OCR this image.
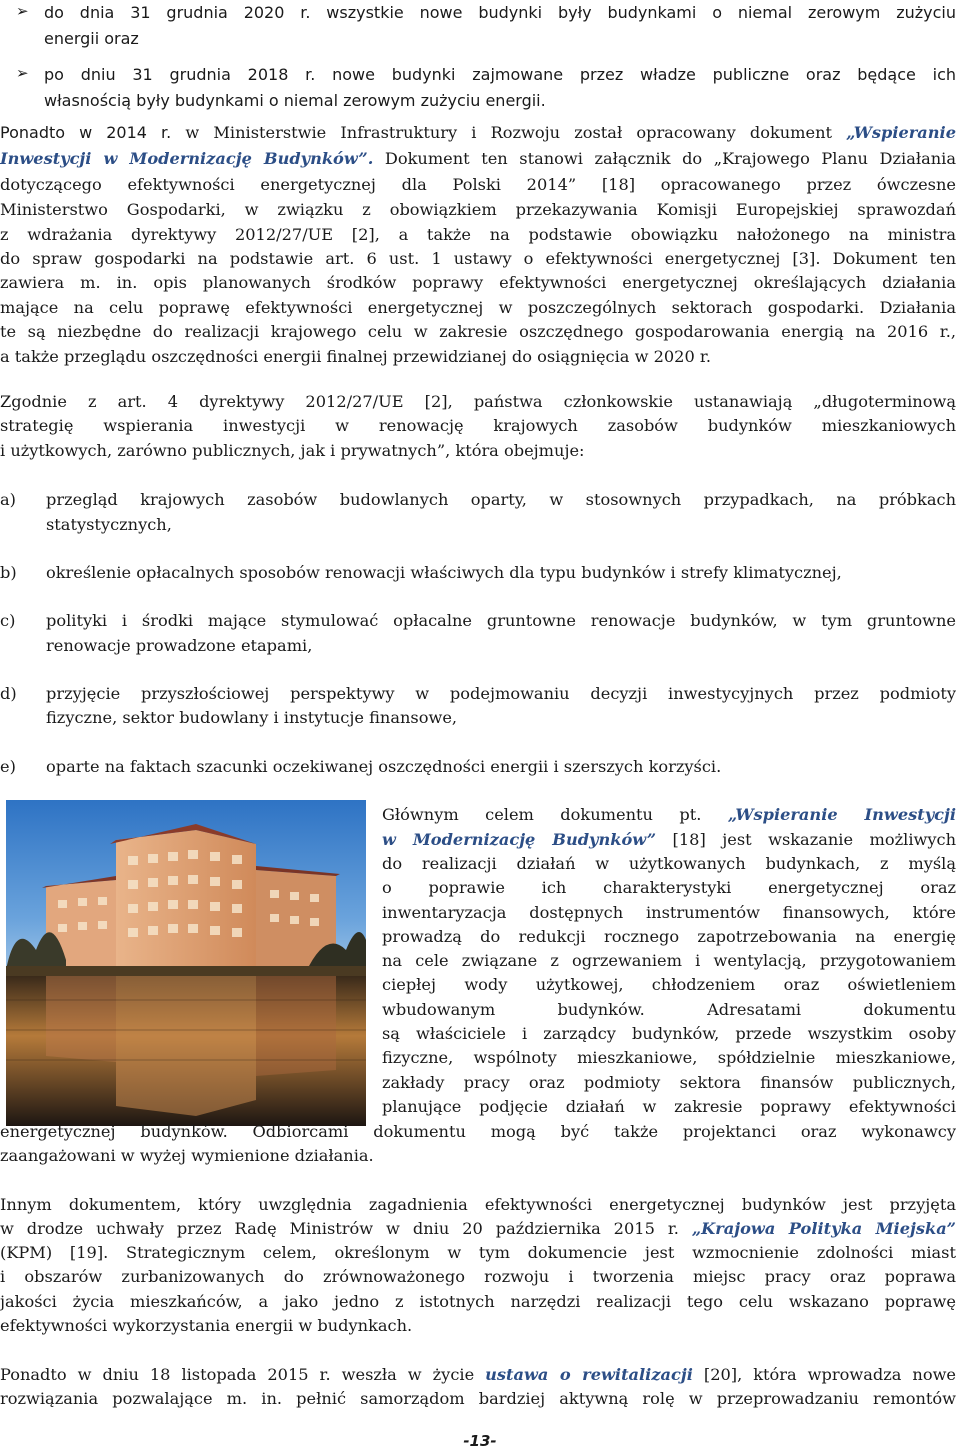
➢ do dnia 31 grudnia 2020 r. wszystkie nowe budynki były budynkami o niemal zerowym zużyciu
energii oraz
➢ po dniu 31 grudnia 2018 r. nowe budynki zajmowane przez władze publiczne oraz będące ich
własnością były budynkami o niemal zerowym zużyciu energii.
Ponadto w 2014 r. w Ministerstwie Infrastruktury i Rozwoju został opracowany dokument „Wspieranie
Inwestycji w Modernizację Budynków”. Dokument ten stanowi załącznik do „Krajowego Planu Działania
dotyczącego efektywności energetycznej dla Polski 2014” [18] opracowanego przez ówczesne
Ministerstwo Gospodarki, w związku z obowiązkiem przekazywania Komisji Europejskiej sprawozdań
z wdrażania dyrektywy 2012/27/UE [2], a także na podstawie obowiązku nałożonego na ministra
do spraw gospodarki na podstawie art. 6 ust. 1 ustawy o efektywności energetycznej [3]. Dokument ten
zawiera m. in. opis planowanych środków poprawy efektywności energetycznej określających działania
mające na celu poprawę efektywności energetycznej w poszczególnych sektorach gospodarki. Działania
te są niezbędne do realizacji krajowego celu w zakresie oszczędnego gospodarowania energią na 2016 r.,
a także przeglądu oszczędności energii finalnej przewidzianej do osiągnięcia w 2020 r.
Zgodnie z art. 4 dyrektywy 2012/27/UE [2], państwa członkowskie ustanawiają „długoterminową
strategię wspierania inwestycji w renowację krajowych zasobów budynków mieszkaniowych
i użytkowych, zarówno publicznych, jak i prywatnych”, która obejmuje:
a)	przegląd krajowych zasobów budowlanych oparty, w stosownych przypadkach, na próbkach
statystycznych,
b)	określenie opłacalnych sposobów renowacji właściwych dla typu budynków i strefy klimatycznej,
c)	polityki i środki mające stymulować opłacalne gruntowne renowacje budynków, w tym gruntowne
renowacje prowadzone etapami,
d)	przyjęcie przyszłościowej perspektywy w podejmowaniu decyzji inwestycyjnych przez podmioty
fizyczne, sektor budowlany i instytucje finansowe,
e)	oparte na faktach szacunki oczekiwanej oszczędności energii i szerszych korzyści.
Głównym celem dokumentu pt. „Wspieranie Inwestycji
w Modernizację Budynków” [18] jest wskazanie możliwych
do realizacji działań w użytkowanych budynkach, z myślą
o poprawie ich charakterystyki energetycznej oraz
inwentaryzacja dostępnych instrumentów finansowych, które
prowadzą do redukcji rocznego zapotrzebowania na energię
na cele związane z ogrzewaniem i wentylacją, przygotowaniem
ciepłej wody użytkowej, chłodzeniem oraz oświetleniem
wbudowanym budynków. Adresatami dokumentu
są właściciele i zarządcy budynków, przede wszystkim osoby
fizyczne, wspólnoty mieszkaniowe, spółdzielnie mieszkaniowe,
zakłady pracy oraz podmioty sektora finansów publicznych,
planujące podjęcie działań w zakresie poprawy efektywności
energetycznej budynków. Odbiorcami dokumentu mogą być także projektanci oraz wykonawcy
zaangażowani w wyżej wymienione działania.
Innym dokumentem, który uwzględnia zagadnienia efektywności energetycznej budynków jest przyjęta
w drodze uchwały przez Radę Ministrów w dniu 20 października 2015 r. „Krajowa Polityka Miejska”
(KPM) [19]. Strategicznym celem, określonym w tym dokumencie jest wzmocnienie zdolności miast
i obszarów zurbanizowanych do zrównoważonego rozwoju i tworzenia miejsc pracy oraz poprawa
jakości życia mieszkańców, a jako jedno z istotnych narzędzi realizacji tego celu wskazano poprawę
efektywności wykorzystania energii w budynkach.
Ponadto w dniu 18 listopada 2015 r. weszła w życie ustawa o rewitalizacji [20], która wprowadza nowe
rozwiązania pozwalające m. in. pełnić samorządom bardziej aktywną rolę w przeprowadzaniu remontów
-13-
